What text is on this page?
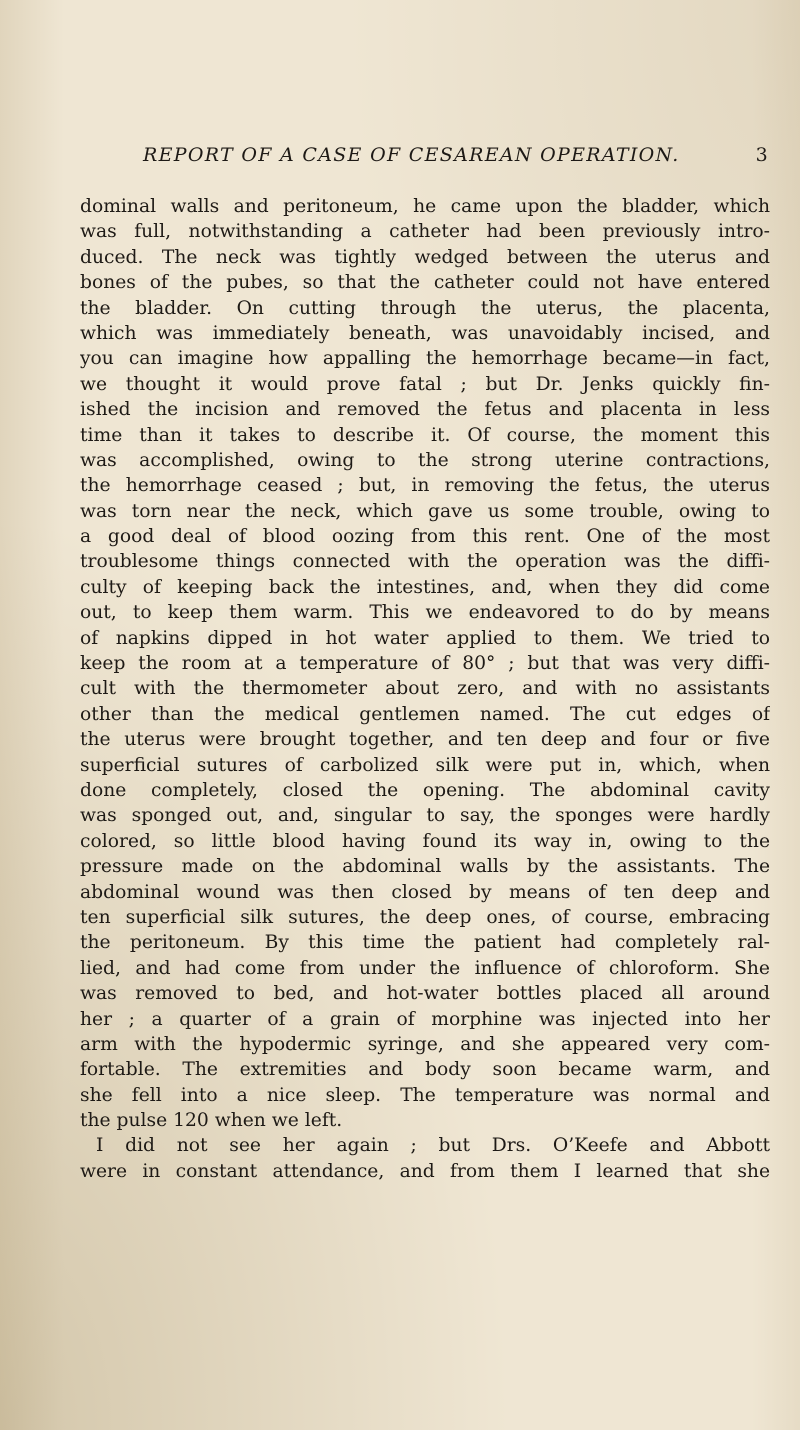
REPORT OF A CASE OF CESAREAN OPERATION.	3
dominal walls and peritoneum, he came upon the bladder, which
was full, notwithstanding a catheter had been previously intro-
duced. The neck was tightly wedged between the uterus and
bones of the pubes, so that the catheter could not have entered
the bladder. On cutting through the uterus, the placenta,
which was immediately beneath, was unavoidably incised, and
you can imagine how appalling the hemorrhage became—in fact,
we thought it would prove fatal ; but Dr. Jenks quickly fin-
ished the incision and removed the fetus and placenta in less
time than it takes to describe it. Of course, the moment this
was accomplished, owing to the strong uterine contractions,
the hemorrhage ceased ; but, in removing the fetus, the uterus
was torn near the neck, which gave us some trouble, owing to
a good deal of blood oozing from this rent. One of the most
troublesome things connected with the operation was the diffi-
culty of keeping back the intestines, and, when they did come
out, to keep them warm. This we endeavored to do by means
of napkins dipped in hot water applied to them. We tried to
keep the room at a temperature of 80° ; but that was very diffi-
cult with the thermometer about zero, and with no assistants
other than the medical gentlemen named. The cut edges of
the uterus were brought together, and ten deep and four or five
superficial sutures of carbolized silk were put in, which, when
done completely, closed the opening. The abdominal cavity
was sponged out, and, singular to say, the sponges were hardly
colored, so little blood having found its way in, owing to the
pressure made on the abdominal walls by the assistants. The
abdominal wound was then closed by means of ten deep and
ten superficial silk sutures, the deep ones, of course, embracing
the peritoneum. By this time the patient had completely ral-
lied, and had come from under the influence of chloroform. She
was removed to bed, and hot-water bottles placed all around
her ; a quarter of a grain of morphine was injected into her
arm with the hypodermic syringe, and she appeared very com-
fortable. The extremities and body soon became warm, and
she fell into a nice sleep. The temperature was normal and
the pulse 120 when we left.
I did not see her again ; but Drs. O’Keefe and Abbott
were in constant attendance, and from them I learned that she
